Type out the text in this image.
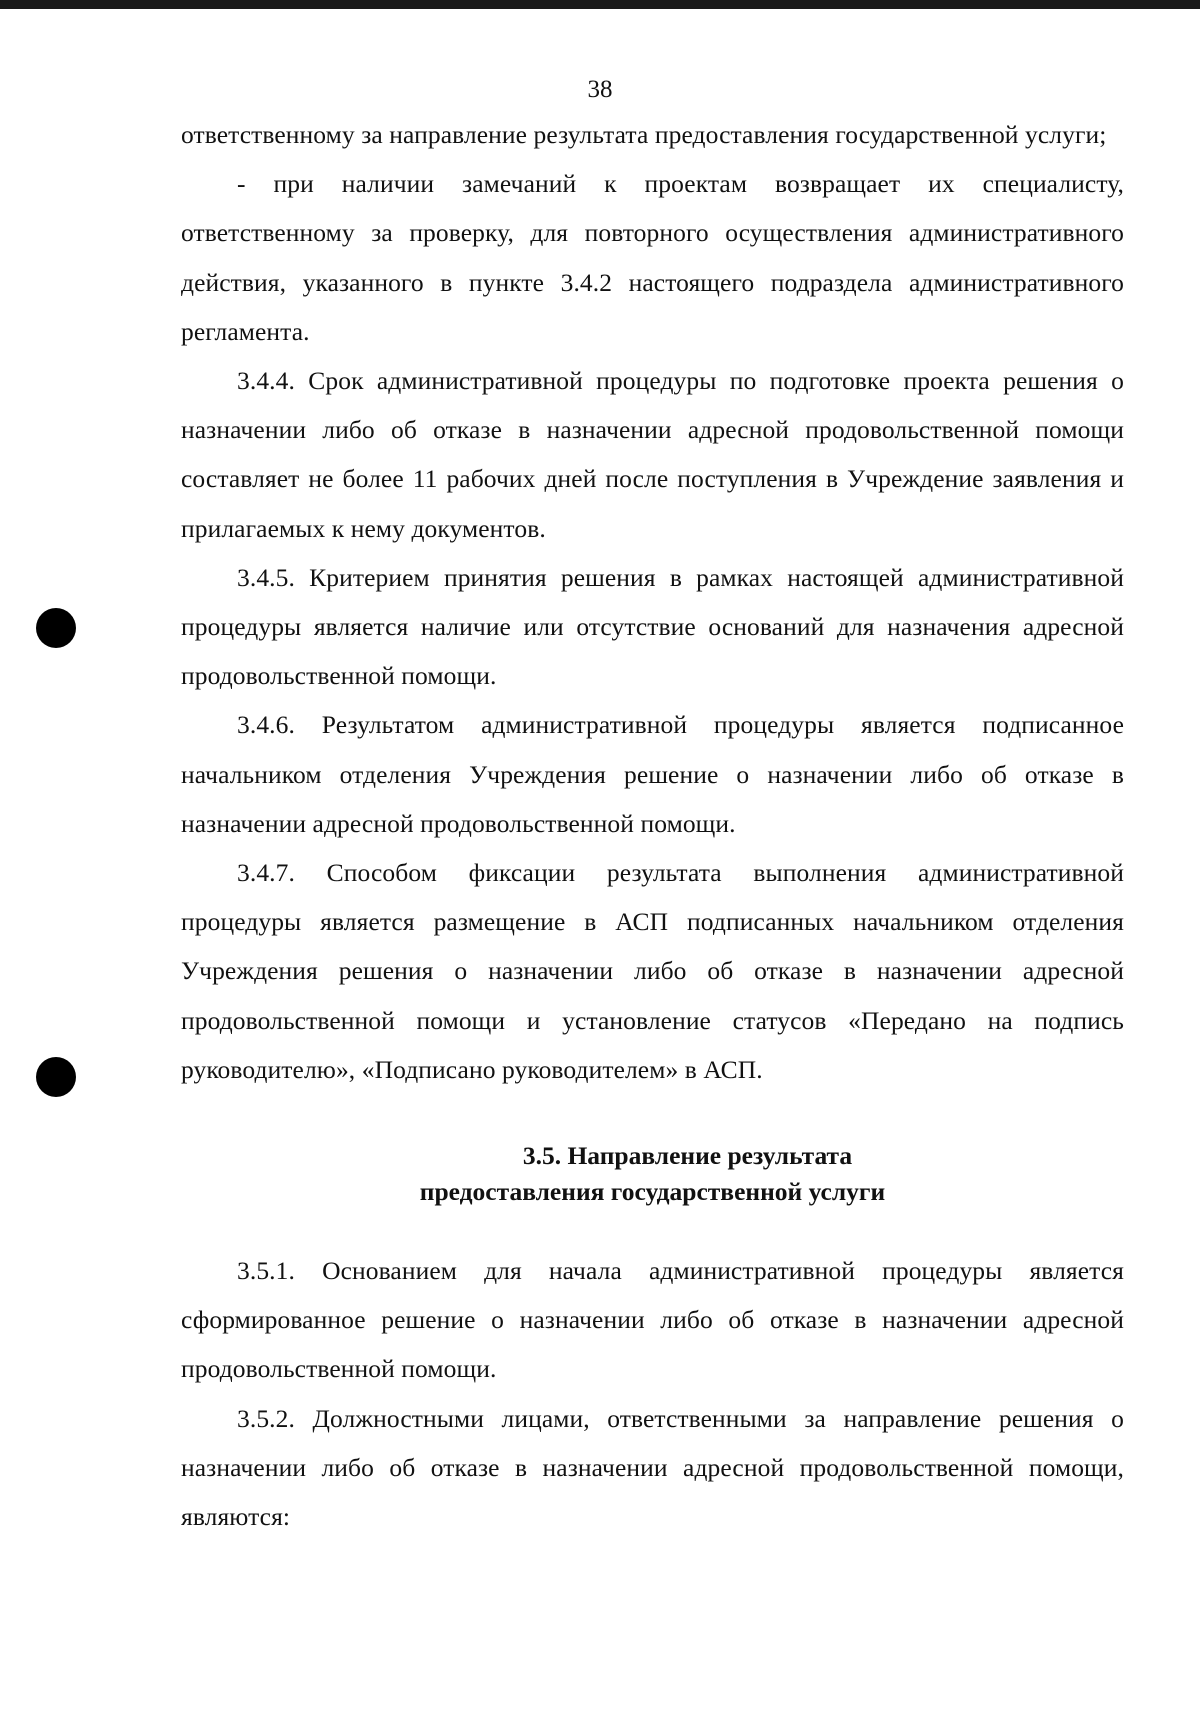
38

ответственному за направление результата предоставления государственной услуги;

- при наличии замечаний к проектам возвращает их специалисту, ответственному за проверку, для повторного осуществления административного действия, указанного в пункте 3.4.2 настоящего подраздела административного регламента.

3.4.4. Срок административной процедуры по подготовке проекта решения о назначении либо об отказе в назначении адресной продовольственной помощи составляет не более 11 рабочих дней после поступления в Учреждение заявления и прилагаемых к нему документов.

3.4.5. Критерием принятия решения в рамках настоящей административной процедуры является наличие или отсутствие оснований для назначения адресной продовольственной помощи.

3.4.6. Результатом административной процедуры является подписанное начальником отделения Учреждения решение о назначении либо об отказе в назначении адресной продовольственной помощи.

3.4.7. Способом фиксации результата выполнения административной процедуры является размещение в АСП подписанных начальником отделения Учреждения решения о назначении либо об отказе в назначении адресной продовольственной помощи и установление статусов «Передано на подпись руководителю», «Подписано руководителем» в АСП.

3.5. Направление результата
предоставления государственной услуги

3.5.1. Основанием для начала административной процедуры является сформированное решение о назначении либо об отказе в назначении адресной продовольственной помощи.

3.5.2. Должностными лицами, ответственными за направление решения о назначении либо об отказе в назначении адресной продовольственной помощи, являются:
